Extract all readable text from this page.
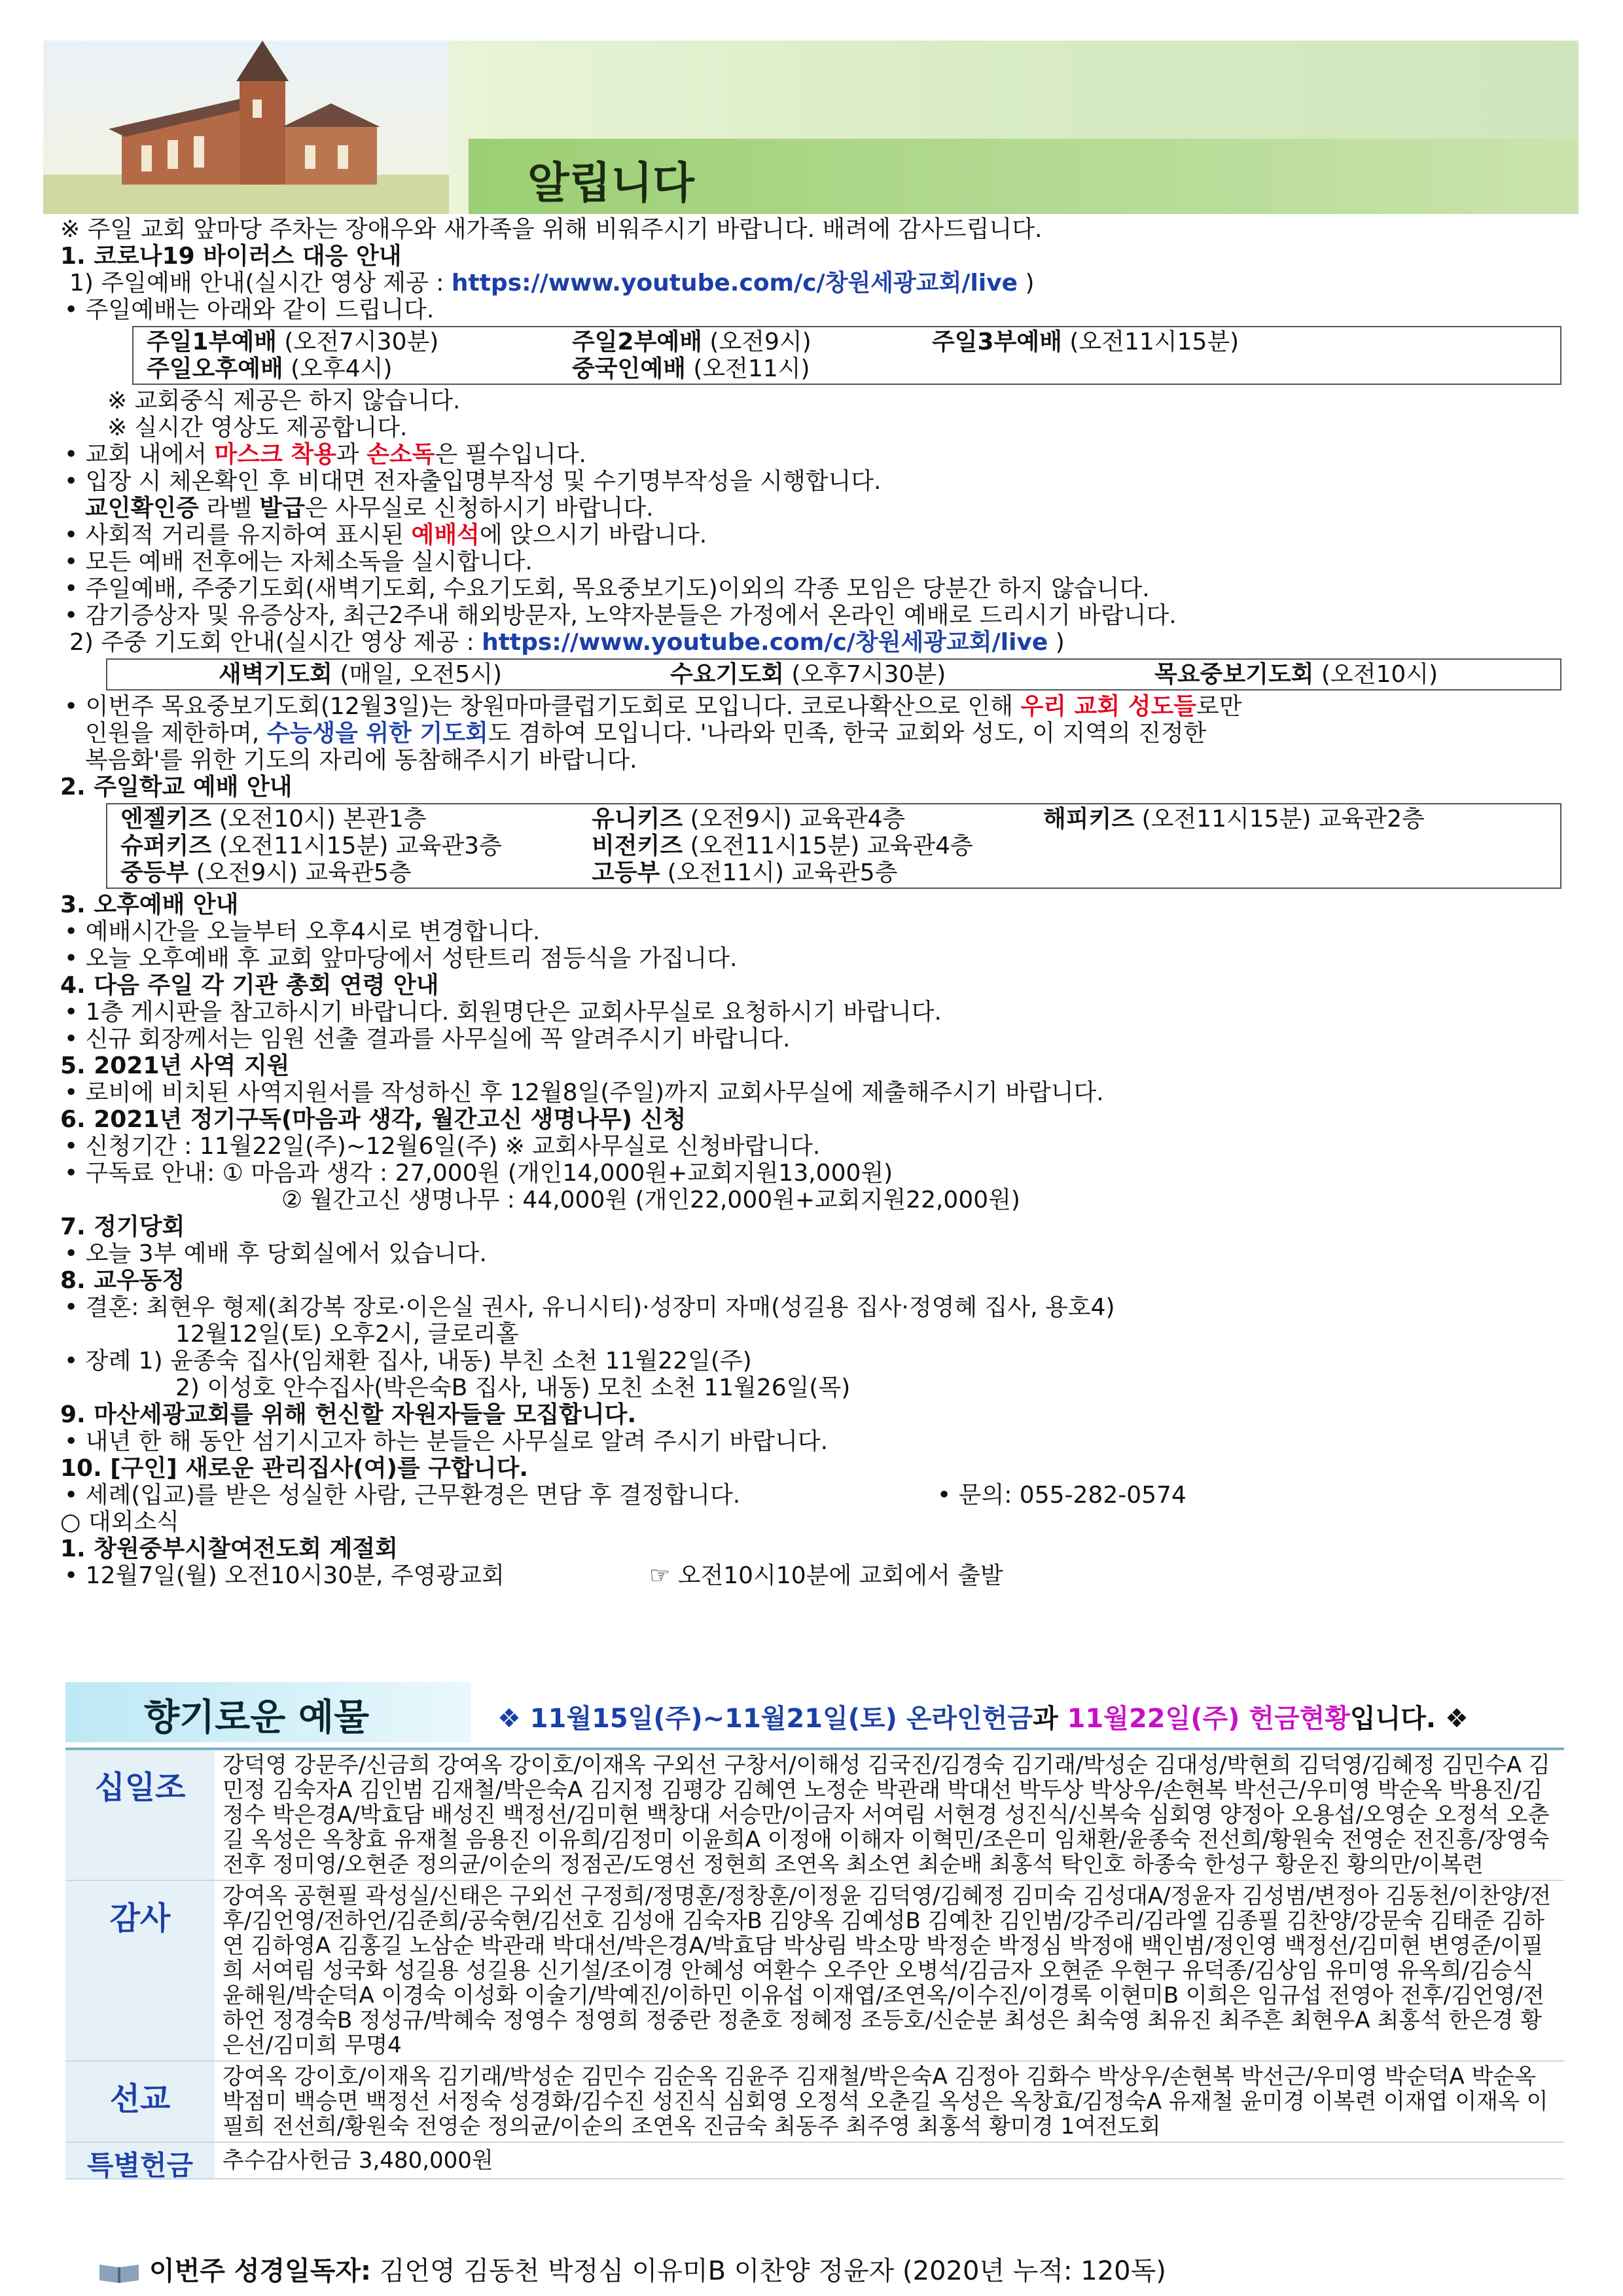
알립니다
※ 주일 교회 앞마당 주차는 장애우와 새가족을 위해 비워주시기 바랍니다. 배려에 감사드립니다.
1. 코로나19 바이러스 대응 안내
1) 주일예배 안내(실시간 영상 제공 : https://www.youtube.com/c/창원세광교회/live )
• 주일예배는 아래와 같이 드립니다.
주일1부예배 (오전7시30분)	주일2부예배 (오전9시)	주일3부예배 (오전11시15분)
주일오후예배 (오후4시)	중국인예배 (오전11시)
※ 교회중식 제공은 하지 않습니다.
※ 실시간 영상도 제공합니다.
• 교회 내에서 마스크 착용과 손소독은 필수입니다.
• 입장 시 체온확인 후 비대면 전자출입명부작성 및 수기명부작성을 시행합니다.
교인확인증 라벨 발급은 사무실로 신청하시기 바랍니다.
• 사회적 거리를 유지하여 표시된 예배석에 앉으시기 바랍니다.
• 모든 예배 전후에는 자체소독을 실시합니다.
• 주일예배, 주중기도회(새벽기도회, 수요기도회, 목요중보기도)이외의 각종 모임은 당분간 하지 않습니다.
• 감기증상자 및 유증상자, 최근2주내 해외방문자, 노약자분들은 가정에서 온라인 예배로 드리시기 바랍니다.
2) 주중 기도회 안내(실시간 영상 제공 : https://www.youtube.com/c/창원세광교회/live )
새벽기도회 (매일, 오전5시)	수요기도회 (오후7시30분)	목요중보기도회 (오전10시)
• 이번주 목요중보기도회(12월3일)는 창원마마클럽기도회로 모입니다. 코로나확산으로 인해 우리 교회 성도들로만
인원을 제한하며, 수능생을 위한 기도회도 겸하여 모입니다. '나라와 민족, 한국 교회와 성도, 이 지역의 진정한
복음화'를 위한 기도의 자리에 동참해주시기 바랍니다.
2. 주일학교 예배 안내
엔젤키즈 (오전10시) 본관1층	유니키즈 (오전9시) 교육관4층	해피키즈 (오전11시15분) 교육관2층
슈퍼키즈 (오전11시15분) 교육관3층	비전키즈 (오전11시15분) 교육관4층
중등부 (오전9시) 교육관5층	고등부 (오전11시) 교육관5층
3. 오후예배 안내
• 예배시간을 오늘부터 오후4시로 변경합니다.
• 오늘 오후예배 후 교회 앞마당에서 성탄트리 점등식을 가집니다.
4. 다음 주일 각 기관 총회 연령 안내
• 1층 게시판을 참고하시기 바랍니다. 회원명단은 교회사무실로 요청하시기 바랍니다.
• 신규 회장께서는 임원 선출 결과를 사무실에 꼭 알려주시기 바랍니다.
5. 2021년 사역 지원
• 로비에 비치된 사역지원서를 작성하신 후 12월8일(주일)까지 교회사무실에 제출해주시기 바랍니다.
6. 2021년 정기구독(마음과 생각, 월간고신 생명나무) 신청
• 신청기간 : 11월22일(주)~12월6일(주) ※ 교회사무실로 신청바랍니다.
• 구독료 안내: ① 마음과 생각 : 27,000원 (개인14,000원+교회지원13,000원)
② 월간고신 생명나무 : 44,000원 (개인22,000원+교회지원22,000원)
7. 정기당회
• 오늘 3부 예배 후 당회실에서 있습니다.
8. 교우동정
• 결혼: 최현우 형제(최강복 장로·이은실 권사, 유니시티)·성장미 자매(성길용 집사·정영혜 집사, 용호4)
12월12일(토) 오후2시, 글로리홀
• 장례 1) 윤종숙 집사(임채환 집사, 내동) 부친 소천 11월22일(주)
2) 이성호 안수집사(박은숙B 집사, 내동) 모친 소천 11월26일(목)
9. 마산세광교회를 위해 헌신할 자원자들을 모집합니다.
• 내년 한 해 동안 섬기시고자 하는 분들은 사무실로 알려 주시기 바랍니다.
10. [구인] 새로운 관리집사(여)를 구합니다.
• 세례(입교)를 받은 성실한 사람, 근무환경은 면담 후 결정합니다.	• 문의: 055-282-0574
○ 대외소식
1. 창원중부시찰여전도회 계절회
• 12월7일(월) 오전10시30분, 주영광교회	☞ 오전10시10분에 교회에서 출발
향기로운 예물	❖ 11월15일(주)~11월21일(토) 온라인헌금과 11월22일(주) 헌금현황입니다. ❖
십일조
강덕영 강문주/신금희 강여옥 강이호/이재옥 구외선 구창서/이해성 김국진/김경숙 김기래/박성순 김대성/박현희 김덕영/김혜정 김민수A 김민정 김숙자A 김인범 김재철/박은숙A 김지정 김평강 김혜연 노정순 박관래 박대선 박두상 박상우/손현복 박선근/우미영 박순옥 박용진/김정수 박은경A/박효담 배성진 백정선/김미현 백창대 서승만/이금자 서여림 서현경 성진식/신복숙 심회영 양정아 오용섭/오영순 오정석 오춘길 옥성은 옥창효 유재철 음용진 이유희/김정미 이윤희A 이정애 이해자 이혁민/조은미 임채환/윤종숙 전선희/황원숙 전영순 전진흥/장영숙 전후 정미영/오현준 정의균/이순의 정점곤/도영선 정현희 조연옥 최소연 최순배 최홍석 탁인호 하종숙 한성구 황운진 황의만/이복련
감사
강여옥 공현필 곽성실/신태은 구외선 구정희/정명훈/정창훈/이정윤 김덕영/김혜정 김미숙 김성대A/정윤자 김성범/변정아 김동천/이찬양/전후/김언영/전하언/김준희/공숙현/김선호 김성애 김숙자B 김양옥 김예성B 김예찬 김인범/강주리/김라엘 김종필 김찬양/강문숙 김태준 김하연 김하영A 김홍길 노삼순 박관래 박대선/박은경A/박효담 박상림 박소망 박정순 박정심 박정애 백인범/정인영 백정선/김미현 변영준/이필희 서여림 성국화 성길용 성길용 신기설/조이경 안혜성 여환수 오주안 오병석/김금자 오현준 우현구 유덕종/김상임 유미영 유옥희/김승식 윤해원/박순덕A 이경숙 이성화 이술기/박예진/이하민 이유섭 이재엽/조연옥/이수진/이경록 이현미B 이희은 임규섭 전영아 전후/김언영/전하언 정경숙B 정성규/박혜숙 정영수 정영희 정중란 정춘호 정혜정 조등호/신순분 최성은 최숙영 최유진 최주흔 최현우A 최홍석 한은경 황은선/김미희 무명4
선교
강여옥 강이호/이재옥 김기래/박성순 김민수 김순옥 김윤주 김재철/박은숙A 김정아 김화수 박상우/손현복 박선근/우미영 박순덕A 박순옥 박점미 백승면 백정선 서정숙 성경화/김수진 성진식 심회영 오정석 오춘길 옥성은 옥창효/김정숙A 유재철 윤미경 이복련 이재엽 이재옥 이필희 전선희/황원숙 전영순 정의균/이순의 조연옥 진금숙 최동주 최주영 최홍석 황미경 1여전도회
특별헌금	추수감사헌금 3,480,000원
이번주 성경일독자: 김언영 김동천 박정심 이유미B 이찬양 정윤자 (2020년 누적: 120독)
